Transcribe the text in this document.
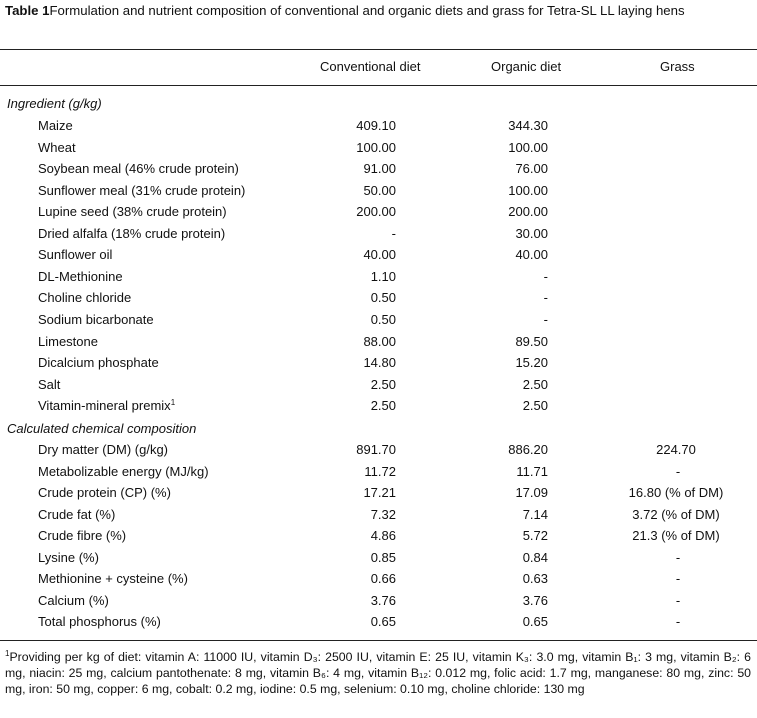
Table 1Formulation and nutrient composition of conventional and organic diets and grass for Tetra-SL LL laying hens
Conventional diet	Organic diet	Grass
Ingredient (g/kg)
Maize	409.10	344.30
Wheat	100.00	100.00
Soybean meal (46% crude protein)	91.00	76.00
Sunflower meal (31% crude protein)	50.00	100.00
Lupine seed (38% crude protein)	200.00	200.00
Dried alfalfa (18% crude protein)	-	30.00
Sunflower oil	40.00	40.00
DL-Methionine	1.10	-
Choline chloride	0.50	-
Sodium bicarbonate	0.50	-
Limestone	88.00	89.50
Dicalcium phosphate	14.80	15.20
Salt	2.50	2.50
Vitamin-mineral premix$^1$	2.50	2.50
Calculated chemical composition
Dry matter (DM) (g/kg)	891.70	886.20	224.70
Metabolizable energy (MJ/kg)	11.72	11.71	-
Crude protein (CP) (%)	17.21	17.09	16.80 (% of DM)
Crude fat (%)	7.32	7.14	3.72 (% of DM)
Crude fibre (%)	4.86	5.72	21.3 (% of DM)
Lysine (%)	0.85	0.84	-
Methionine + cysteine (%)	0.66	0.63	-
Calcium (%)	3.76	3.76	-
Total phosphorus (%)	0.65	0.65	-
$^1$Providing per kg of diet: vitamin A: 11000 IU, vitamin D₃: 2500 IU, vitamin E: 25 IU, vitamin K₃: 3.0 mg, vitamin B₁: 3 mg, vitamin B₂: 6 mg, niacin: 25 mg, calcium pantothenate: 8 mg, vitamin B₆: 4 mg, vitamin B₁₂: 0.012 mg, folic acid: 1.7 mg, manganese: 80 mg, zinc: 50 mg, iron: 50 mg, copper: 6 mg, cobalt: 0.2 mg, iodine: 0.5 mg, selenium: 0.10 mg, choline chloride: 130 mg
